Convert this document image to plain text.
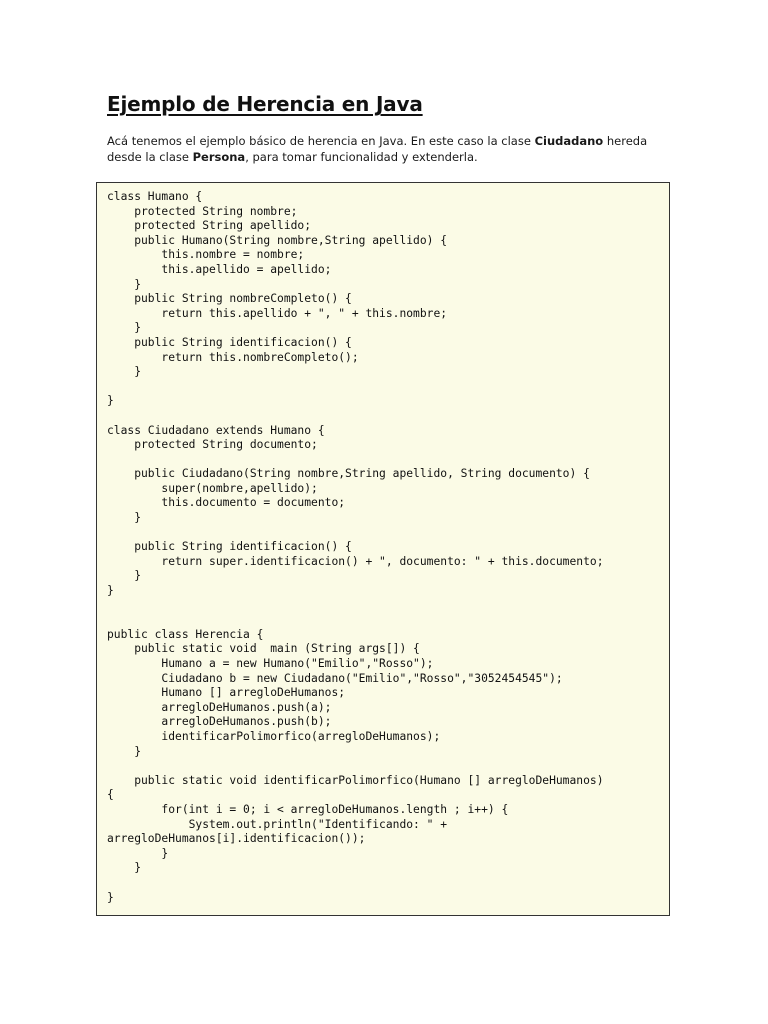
Ejemplo de Herencia en Java

Acá tenemos el ejemplo básico de herencia en Java. En este caso la clase Ciudadano hereda desde la clase Persona, para tomar funcionalidad y extenderla.

class Humano {
protected String nombre;
protected String apellido;
public Humano(String nombre,String apellido) {
this.nombre = nombre;
this.apellido = apellido;
}
public String nombreCompleto() {
return this.apellido + ", " + this.nombre;
}
public String identificacion() {
return this.nombreCompleto();
}

}

class Ciudadano extends Humano {
protected String documento;

public Ciudadano(String nombre,String apellido, String documento) {
super(nombre,apellido);
this.documento = documento;
}

public String identificacion() {
return super.identificacion() + ", documento: " + this.documento;
}
}

public class Herencia {
public static void  main (String args[]) {
Humano a = new Humano("Emilio","Rosso");
Ciudadano b = new Ciudadano("Emilio","Rosso","3052454545");
Humano [] arregloDeHumanos;
arregloDeHumanos.push(a);
arregloDeHumanos.push(b);
identificarPolimorfico(arregloDeHumanos);
}

public static void identificarPolimorfico(Humano [] arregloDeHumanos)
{
for(int i = 0; i < arregloDeHumanos.length ; i++) {
System.out.println("Identificando: " +
arregloDeHumanos[i].identificacion());
}
}

}
